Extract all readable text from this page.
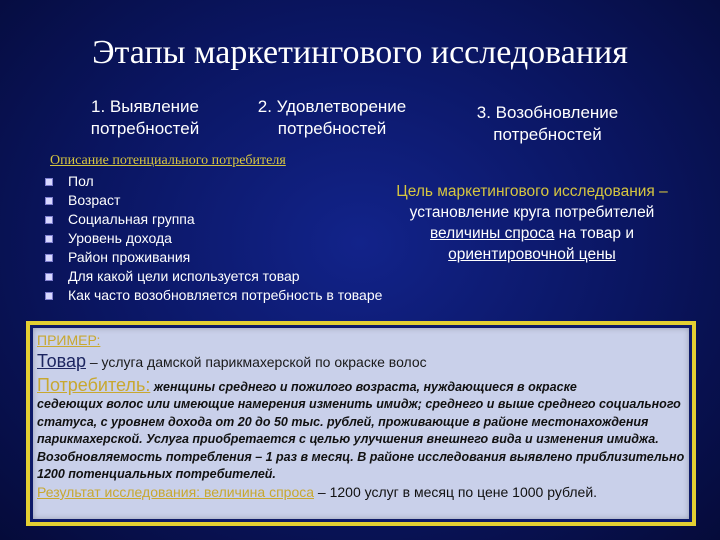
Этапы маркетингового исследования
1. Выявление
потребностей
2. Удовлетворение
потребностей
3. Возобновление
потребностей
Описание потенциального потребителя
Пол
Возраст
Социальная группа
Уровень дохода
Район проживания
Для какой цели используется товар
Как часто возобновляется потребность в товаре
Цель маркетингового исследования –
установление круга потребителей
величины спроса на товар и
ориентировочной цены
ПРИМЕР:
Товар – услуга дамской парикмахерской по окраске волос
Потребитель: женщины среднего и пожилого возраста, нуждающиеся в окраске
седеющих волос или имеющие намерения изменить имидж; среднего и выше среднего социального статуса, с уровнем дохода от 20 до 50 тыс. рублей, проживающие в районе местонахождения парикмахерской. Услуга приобретается с целью улучшения внешнего вида и изменения имиджа. Возобновляемость потребления – 1 раз в месяц. В районе исследования выявлено приблизительно 1200 потенциальных потребителей.
Результат исследования: величина спроса – 1200 услуг в месяц по цене 1000 рублей.
